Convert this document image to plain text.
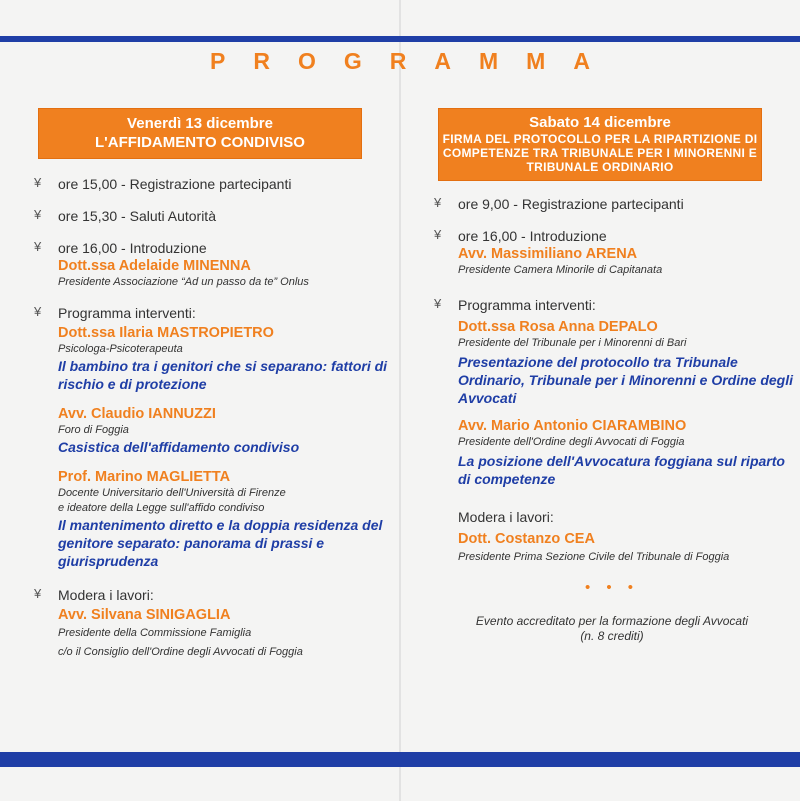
PROGRAMMA
Venerdì 13 dicembre
L'AFFIDAMENTO CONDIVISO
¥ ore 15,00 - Registrazione partecipanti
¥ ore 15,30 - Saluti Autorità
¥ ore 16,00 - Introduzione
Dott.ssa Adelaide MINENNA
Presidente Associazione “Ad un passo da te” Onlus
¥ Programma interventi:
Dott.ssa Ilaria MASTROPIETRO
Psicologa-Psicoterapeuta
Il bambino tra i genitori che si separano: fattori di rischio e di protezione
Avv. Claudio IANNUZZI
Foro di Foggia
Casistica dell'affidamento condiviso
Prof. Marino MAGLIETTA
Docente Universitario dell'Università di Firenze
e ideatore della Legge sull'affido condiviso
Il mantenimento diretto e la doppia residenza del genitore separato: panorama di prassi e giurisprudenza
¥ Modera i lavori:
Avv. Silvana SINIGAGLIA
Presidente della Commissione Famiglia
c/o il Consiglio dell'Ordine degli Avvocati di Foggia
Sabato 14 dicembre
FIRMA DEL PROTOCOLLO PER LA RIPARTIZIONE DI COMPETENZE TRA TRIBUNALE PER I MINORENNI E TRIBUNALE ORDINARIO
¥ ore 9,00 - Registrazione partecipanti
¥ ore 16,00 - Introduzione
Avv. Massimiliano ARENA
Presidente Camera Minorile di Capitanata
¥ Programma interventi:
Dott.ssa Rosa Anna DEPALO
Presidente del Tribunale per i Minorenni di Bari
Presentazione del protocollo tra Tribunale Ordinario, Tribunale per i Minorenni e Ordine degli Avvocati
Avv. Mario Antonio CIARAMBINO
Presidente dell'Ordine degli Avvocati di Foggia
La posizione dell'Avvocatura foggiana sul riparto di competenze
Modera i lavori:
Dott. Costanzo CEA
Presidente Prima Sezione Civile del Tribunale di Foggia
• • •
Evento accreditato per la formazione degli Avvocati
(n. 8 crediti)
